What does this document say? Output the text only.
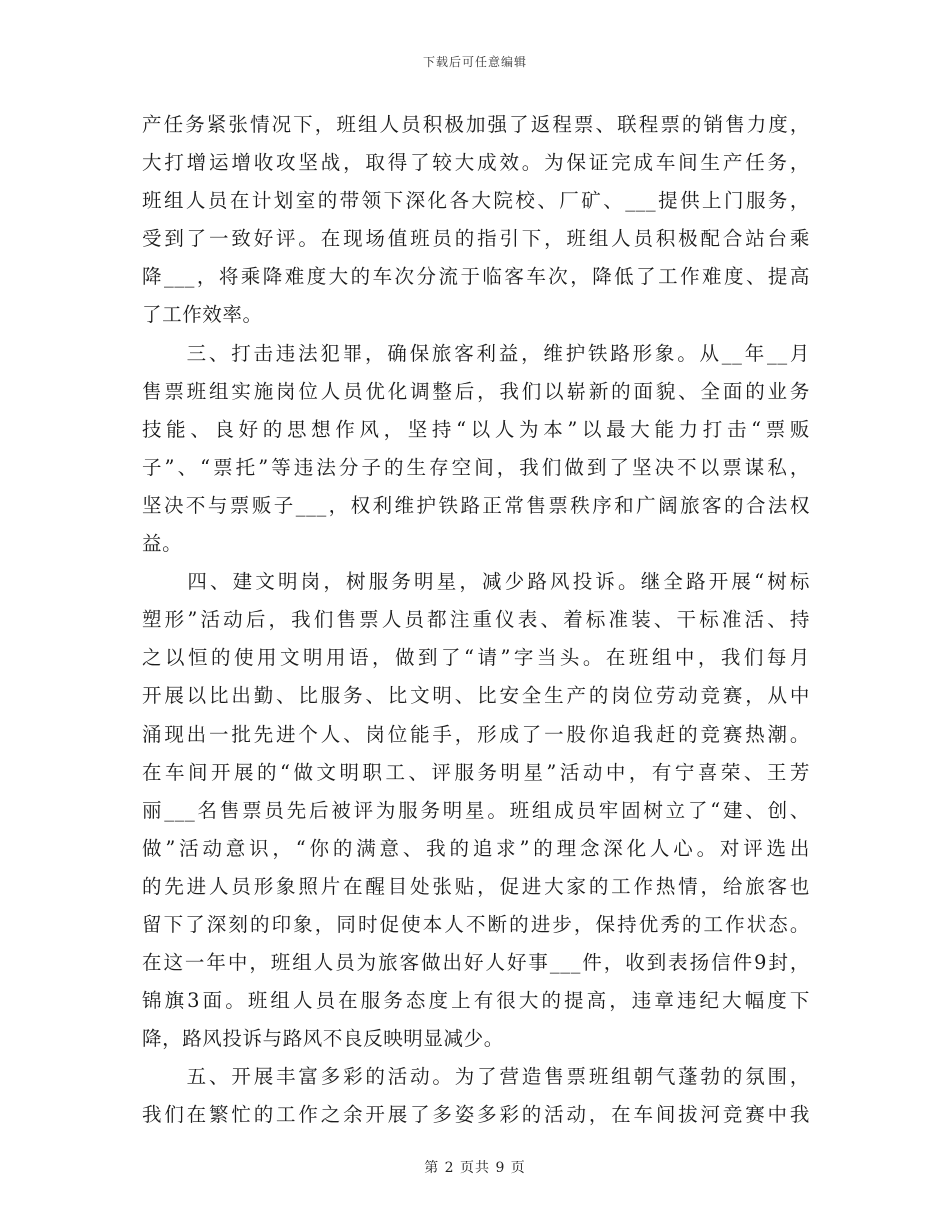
下载后可任意编辑
产任务紧张情况下，班组人员积极加强了返程票、联程票的销售力度，
大打增运增收攻坚战，取得了较大成效。为保证完成车间生产任务，
班组人员在计划室的带领下深化各大院校、厂矿、___提供上门服务，
受到了一致好评。在现场值班员的指引下，班组人员积极配合站台乘
降___，将乘降难度大的车次分流于临客车次，降低了工作难度、提高
了工作效率。
　　三、打击违法犯罪，确保旅客利益，维护铁路形象。从__年__月
售票班组实施岗位人员优化调整后，我们以崭新的面貌、全面的业务
技能、良好的思想作风，坚持“以人为本”以最大能力打击“票贩
子”、“票托”等违法分子的生存空间，我们做到了坚决不以票谋私，
坚决不与票贩子___，权利维护铁路正常售票秩序和广阔旅客的合法权
益。
　　四、建文明岗，树服务明星，减少路风投诉。继全路开展“树标
塑形”活动后，我们售票人员都注重仪表、着标准装、干标准活、持
之以恒的使用文明用语，做到了“请”字当头。在班组中，我们每月
开展以比出勤、比服务、比文明、比安全生产的岗位劳动竞赛，从中
涌现出一批先进个人、岗位能手，形成了一股你追我赶的竞赛热潮。
在车间开展的“做文明职工、评服务明星”活动中，有宁喜荣、王芳
丽___名售票员先后被评为服务明星。班组成员牢固树立了“建、创、
做”活动意识，“你的满意、我的追求”的理念深化人心。对评选出
的先进人员形象照片在醒目处张贴，促进大家的工作热情，给旅客也
留下了深刻的印象，同时促使本人不断的进步，保持优秀的工作状态。
在这一年中，班组人员为旅客做出好人好事___件，收到表扬信件9封，
锦旗3面。班组人员在服务态度上有很大的提高，违章违纪大幅度下
降，路风投诉与路风不良反映明显减少。
　　五、开展丰富多彩的活动。为了营造售票班组朝气蓬勃的氛围，
我们在繁忙的工作之余开展了多姿多彩的活动，在车间拔河竞赛中我
第 2 页共 9 页
